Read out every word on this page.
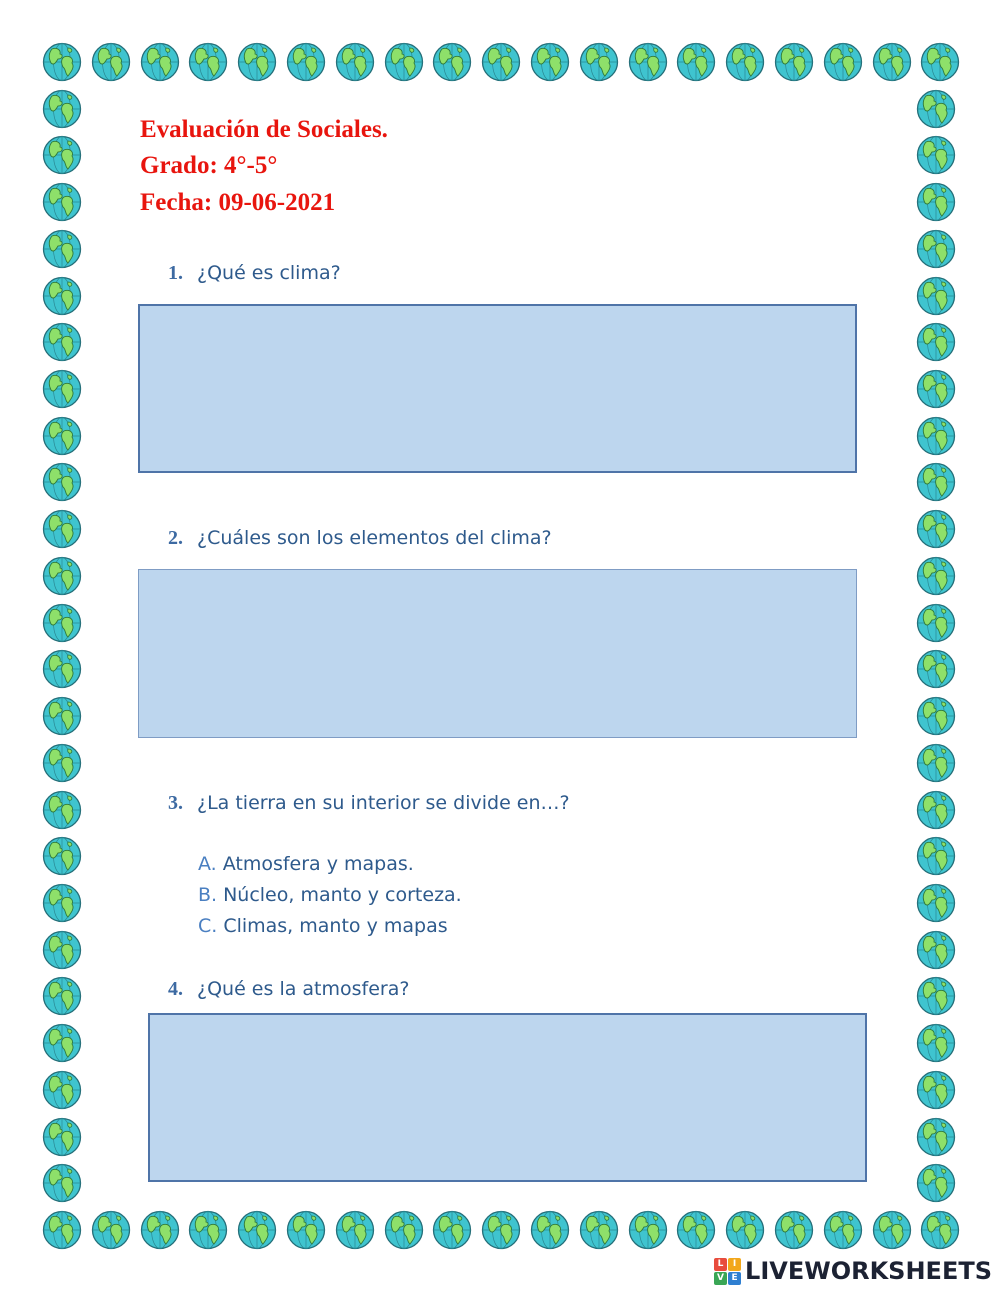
Evaluación de Sociales.
Grado: 4°-5°
Fecha: 09-06-2021

1. ¿Qué es clima?

2. ¿Cuáles son los elementos del clima?

3. ¿La tierra en su interior se divide en…?

A. Atmosfera y mapas.

B. Núcleo, manto y corteza.

C. Climas, manto y mapas

4. ¿Qué es la atmosfera?

L	I
V E LIVEWORKSHEETS
